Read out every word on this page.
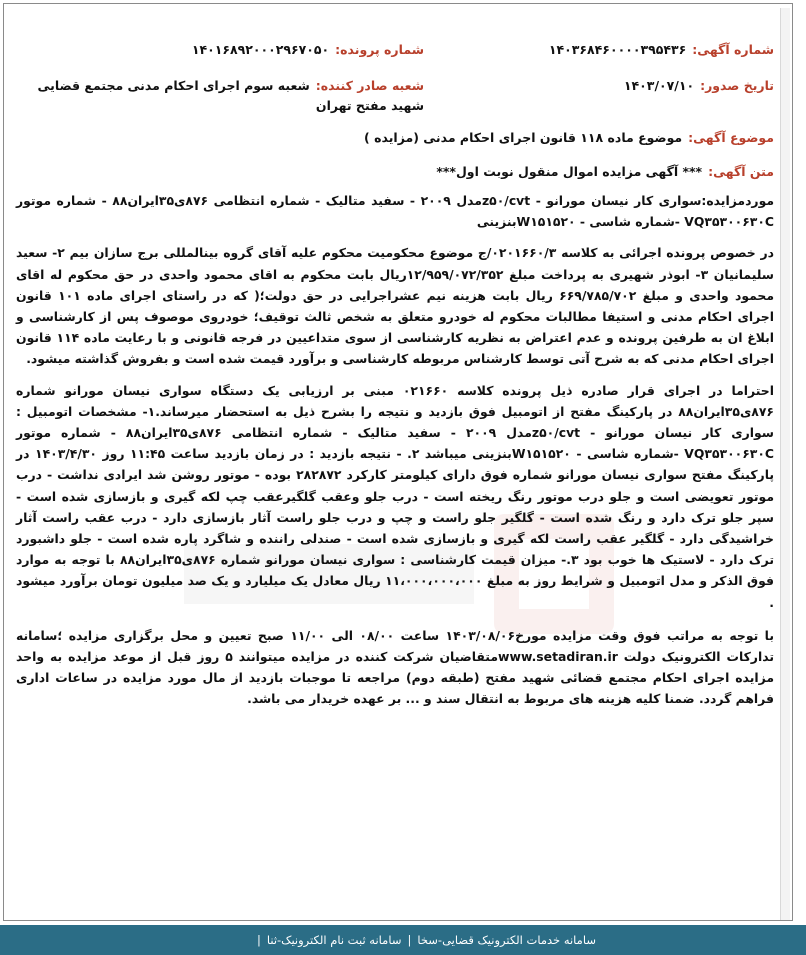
شماره آگهی:۱۴۰۳۶۸۴۶۰۰۰۰۳۹۵۴۳۶
تاریخ صدور:۱۴۰۳/۰۷/۱۰
شماره پرونده:۱۴۰۱۶۸۹۲۰۰۰۲۹۶۷۰۵۰
شعبه صادر کننده:شعبه سوم اجرای احکام مدنی مجتمع قضایی شهید مفتح تهران
موضوع آگهی:موضوع ماده ۱۱۸ قانون اجرای احکام مدنی (مزایده )
متن آگهی:*** آگهی مزایده اموال منقول نوبت اول***

موردمزایده:سواری کار نیسان مورانو - z۵۰/cvtمدل ۲۰۰۹ - سفید متالیک - شماره انتظامی ۸۷۶ی۳۵ایران۸۸ - شماره موتور VQ۳۵۳۰۰۶۳۰C -شماره شاسی - W۱۵۱۵۲۰بنزینی

در خصوص پرونده اجرائی به کلاسه ۰۲۰۱۶۶۰/۳/ج موضوع محکومیت محکوم علیه آقای گروه بینالمللی برج سازان بیم ۲- سعید سلیمانیان ۳- ابوذر شهیری به پرداخت مبلغ ۱۲/۹۵۹/۰۷۲/۳۵۲ریال بابت محکوم به اقای محمود واحدی در حق محکوم له اقای محمود واحدی و مبلغ ۶۶۹/۷۸۵/۷۰۲ ریال بابت هزینه نیم عشراجرایی در حق دولت؛( که در راستای اجرای ماده ۱۰۱ قانون اجرای احکام مدنی و استیفا مطالبات محکوم له خودرو متعلق به شخص ثالث توقیف؛ خودروی موصوف پس از کارشناسی و ابلاغ ان به طرفین پرونده و عدم اعتراض به نظریه کارشناسی از سوی متداعیین در فرجه قانونی و با رعایت ماده ۱۱۴ قانون اجرای احکام مدنی که به شرح آتی توسط کارشناس مربوطه کارشناسی و برآورد قیمت شده است و بفروش گذاشته میشود.

احتراما در اجرای قرار صادره ذیل پرونده کلاسه ۰۲۱۶۶۰ مبنی بر ارزیابی یک دستگاه سواری نیسان مورانو شماره ۸۷۶ی۳۵ایران۸۸ در پارکینگ مفتح از اتومبیل فوق بازدید و نتیجه را بشرح ذیل به استحضار میرساند.۱- مشخصات اتومبیل : سواری کار نیسان مورانو - z۵۰/cvtمدل ۲۰۰۹ - سفید متالیک - شماره انتظامی ۸۷۶ی۳۵ایران۸۸ - شماره موتور VQ۳۵۳۰۰۶۳۰C -شماره شاسی - W۱۵۱۵۲۰بنزینی میباشد ۲. - نتیجه بازدید : در زمان بازدید ساعت ۱۱:۴۵ روز ۱۴۰۳/۴/۳۰ در پارکینگ مفتح سواری نیسان مورانو شماره فوق دارای کیلومتر کارکرد ۲۸۲۸۷۲ بوده - موتور روشن شد ایرادی نداشت - درب موتور تعویضی است و جلو درب موتور رنگ ریخته است - درب جلو وعقب گلگیرعقب چپ لکه گیری و بازسازی شده است - سپر جلو ترک دارد و رنگ شده است - گلگیر جلو راست و چپ و درب جلو راست آثار بازسازی دارد - درب عقب راست آثار خراشیدگی دارد - گلگیر عقب راست لکه گیری و بازسازی شده است - صندلی راننده و شاگرد پاره شده است - جلو داشبورد ترک دارد - لاستیک ها خوب بود ۳.- میزان قیمت کارشناسی : سواری نیسان مورانو شماره ۸۷۶ی۳۵ایران۸۸ با توجه به موارد فوق الذکر و مدل اتومبیل و شرایط روز به مبلغ ۱۱،۰۰۰،۰۰۰،۰۰۰ ریال معادل یک میلیارد و یک صد میلیون تومان برآورد میشود .

با توجه به مراتب فوق وقت مزایده مورخ۱۴۰۳/۰۸/۰۶ ساعت ۰۸/۰۰ الی ۱۱/۰۰ صبح تعیین و محل برگزاری مزایده ؛سامانه تدارکات الکترونیک دولت www.setadiran.irمتقاضیان شرکت کننده در مزایده میتوانند ۵ روز قبل از موعد مزایده به واحد مزایده اجرای احکام مجتمع قضائی شهید مفتح (طبقه دوم) مراجعه تا موجبات بازدید از مال مورد مزایده در ساعات اداری فراهم گردد. ضمنا کلیه هزینه های مربوط به انتقال سند و ... بر عهده خریدار می باشد.

سامانه خدمات الکترونیک قضایی-سخا|سامانه ثبت نام الکترونیک-ثنا|
